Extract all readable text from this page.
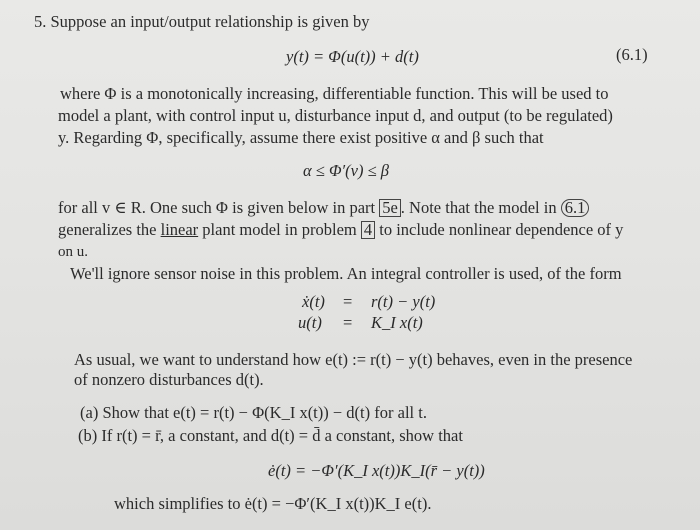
5. Suppose an input/output relationship is given by
y(t) = Φ(u(t)) + d(t)	(6.1)
where Φ is a monotonically increasing, differentiable function. This will be used to
model a plant, with control input u, disturbance input d, and output (to be regulated)
y. Regarding Φ, specifically, assume there exist positive α and β such that
α ≤ Φ′(v) ≤ β
for all v ∈ R. One such Φ is given below in part 5e . Note that the model in 6.1
generalizes the linear plant model in problem 4 to include nonlinear dependence of y
on u.
We'll ignore sensor noise in this problem. An integral controller is used, of the form
ẋ(t) = r(t) − y(t)
u(t) = K_I x(t)
As usual, we want to understand how e(t) := r(t) − y(t) behaves, even in the presence
of nonzero disturbances d(t).
(a) Show that e(t) = r(t) − Φ(K_I x(t)) − d(t) for all t.
(b) If r(t) = r̄, a constant, and d(t) = d̄ a constant, show that
ė(t) = −Φ′(K_I x(t))K_I(r̄ − y(t))
which simplifies to ė(t) = −Φ′(K_I x(t))K_I e(t).
